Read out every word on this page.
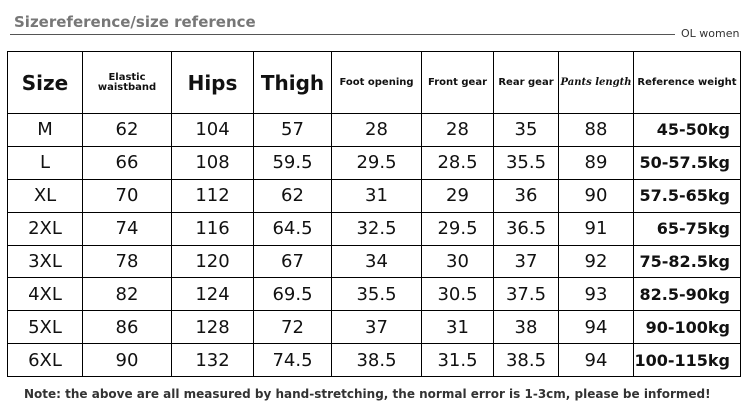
Sizereference/size reference
OL women
Size	Elastic waistband	Hips	Thigh	Foot opening	Front gear	Rear gear	Pants length	Reference weight
M	62	104	57	28	28	35	88	45-50kg
L	66	108	59.5	29.5	28.5	35.5	89	50-57.5kg
XL	70	112	62	31	29	36	90	57.5-65kg
2XL	74	116	64.5	32.5	29.5	36.5	91	65-75kg
3XL	78	120	67	34	30	37	92	75-82.5kg
4XL	82	124	69.5	35.5	30.5	37.5	93	82.5-90kg
5XL	86	128	72	37	31	38	94	90-100kg
6XL	90	132	74.5	38.5	31.5	38.5	94	100-115kg
Note: the above are all measured by hand-stretching, the normal error is 1-3cm, please be informed!
